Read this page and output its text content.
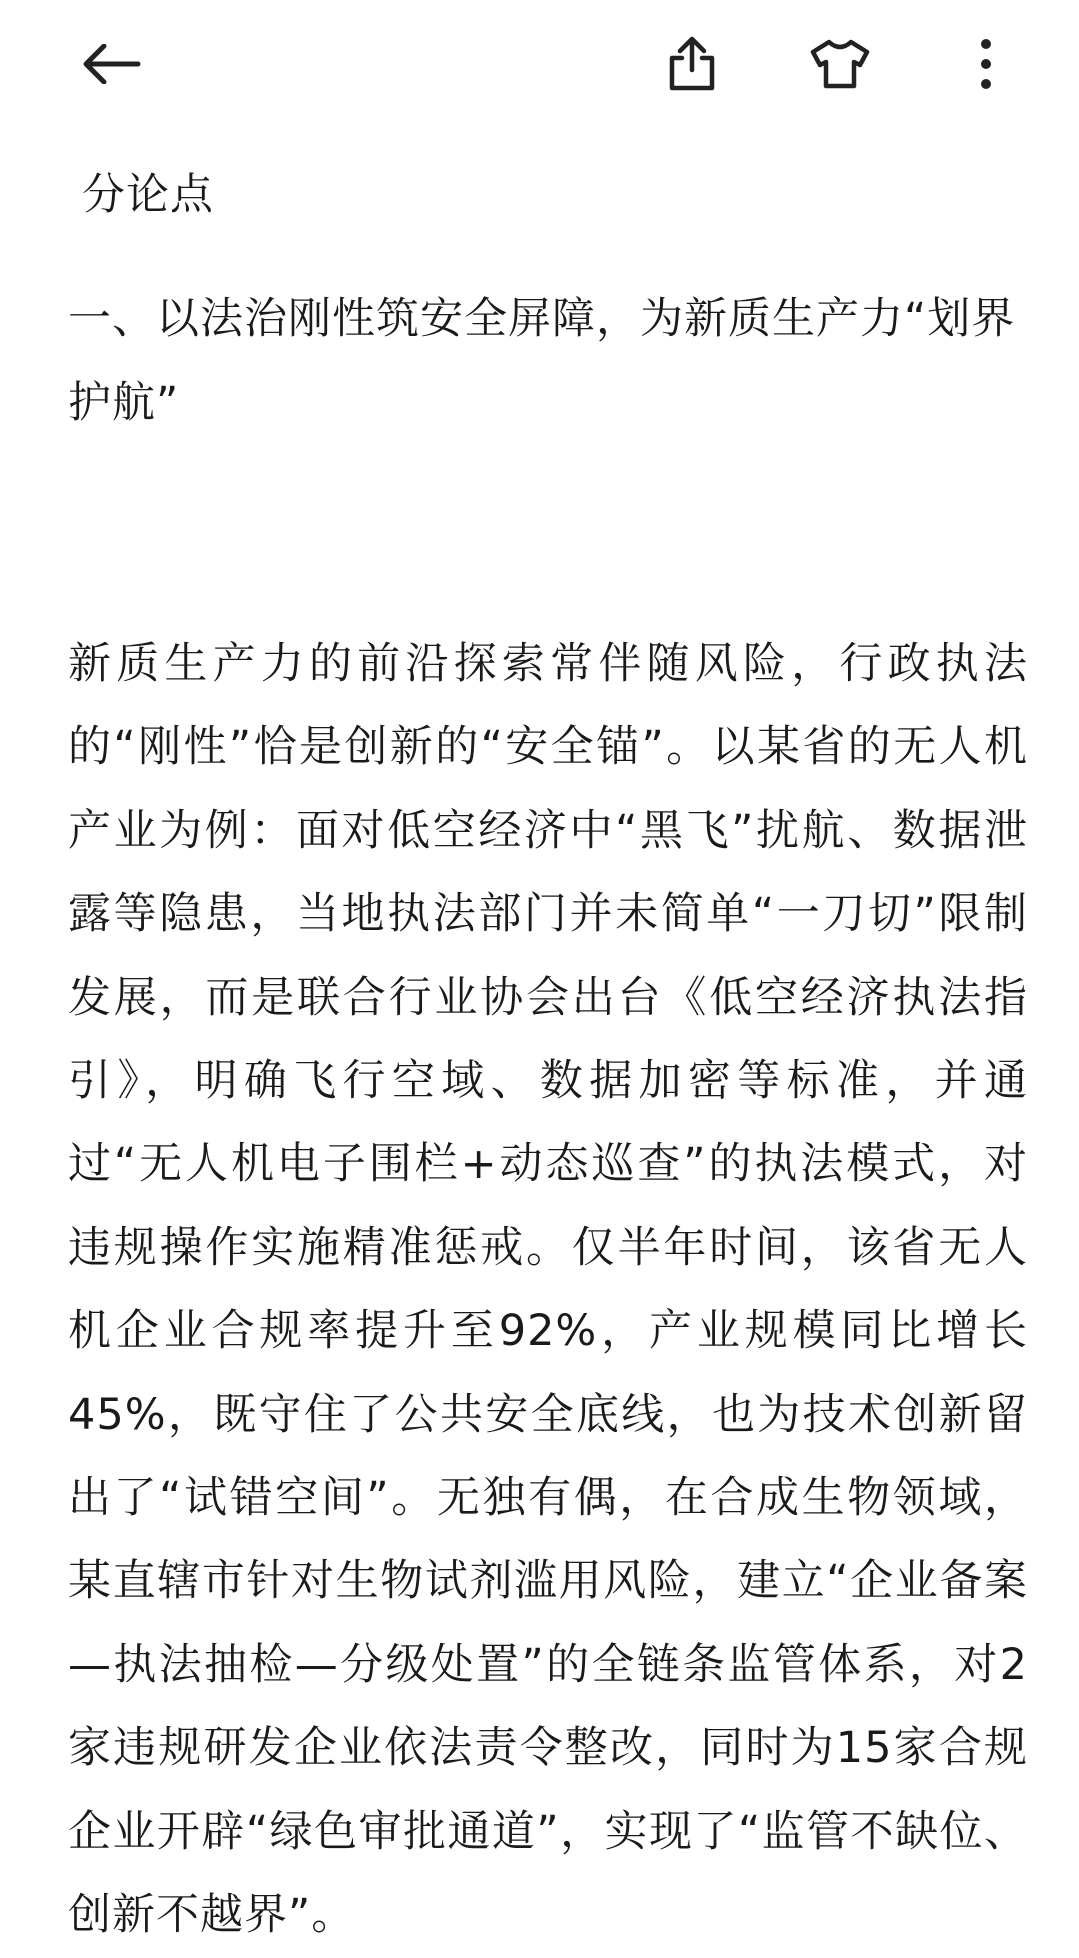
分论点
一、以法治刚性筑安全屏障，为新质生产力“划界护航”
新质生产力的前沿探索常伴随风险，行政执法的“刚性”恰是创新的“安全锚”。以某省的无人机产业为例：面对低空经济中“黑飞”扰航、数据泄露等隐患，当地执法部门并未简单“一刀切”限制发展，而是联合行业协会出台《低空经济执法指引》，明确飞行空域、数据加密等标准，并通过“无人机电子围栏+动态巡查”的执法模式，对违规操作实施精准惩戒。仅半年时间，该省无人机企业合规率提升至92%，产业规模同比增长45%，既守住了公共安全底线，也为技术创新留出了“试错空间”。无独有偶，在合成生物领域，某直辖市针对生物试剂滥用风险，建立“企业备案—执法抽检—分级处置”的全链条监管体系，对2家违规研发企业依法责令整改，同时为15家合规企业开辟“绿色审批通道”，实现了“监管不缺位、创新不越界”。
